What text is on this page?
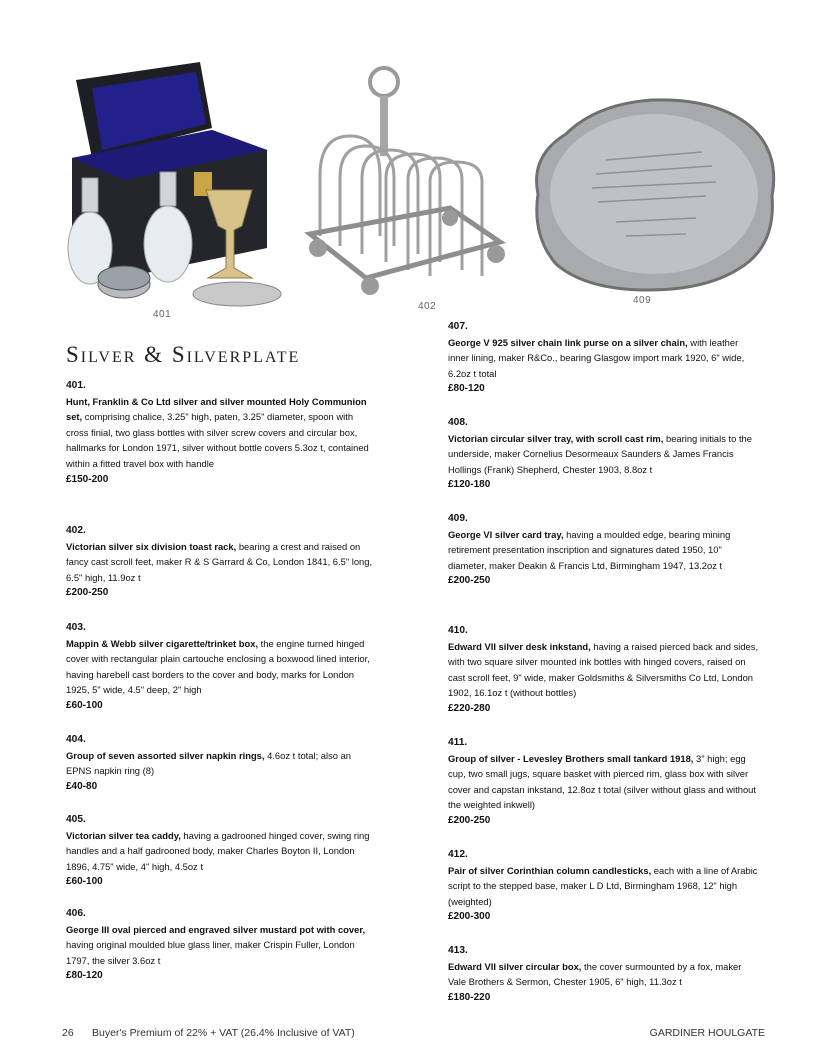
401
402
409
Silver & Silverplate
401.
Hunt, Franklin & Co Ltd silver and silver mounted Holy Communion set, comprising chalice, 3.25" high, paten, 3.25" diameter, spoon with cross finial, two glass bottles with silver screw covers and circular box, hallmarks for London 1971, silver without bottle covers 5.3oz t, contained within a fitted travel box with handle
£150-200
402.
Victorian silver six division toast rack, bearing a crest and raised on fancy cast scroll feet, maker R & S Garrard & Co, London 1841, 6.5" long, 6.5" high, 11.9oz t
£200-250
403.
Mappin & Webb silver cigarette/trinket box, the engine turned hinged cover with rectangular plain cartouche enclosing a boxwood lined interior, having harebell cast borders to the cover and body, marks for London 1925, 5" wide, 4.5" deep, 2" high
£60-100
404.
Group of seven assorted silver napkin rings, 4.6oz t total; also an EPNS napkin ring (8)
£40-80
405.
Victorian silver tea caddy, having a gadrooned hinged cover, swing ring handles and a half gadrooned body, maker Charles Boyton II, London 1896, 4.75" wide, 4" high, 4.5oz t
£60-100
406.
George III oval pierced and engraved silver mustard pot with cover, having original moulded blue glass liner, maker Crispin Fuller, London 1797, the silver 3.6oz t
£80-120
407.
George V 925 silver chain link purse on a silver chain, with leather inner lining, maker R&Co., bearing Glasgow import mark 1920, 6" wide, 6.2oz t total
£80-120
408.
Victorian circular silver tray, with scroll cast rim, bearing initials to the underside, maker Cornelius Desormeaux Saunders & James Francis Hollings (Frank) Shepherd, Chester 1903, 8.8oz t
£120-180
409.
George VI silver card tray, having a moulded edge, bearing mining retirement presentation inscription and signatures dated 1950, 10" diameter, maker Deakin & Francis Ltd, Birmingham 1947, 13.2oz t
£200-250
410.
Edward VII silver desk inkstand, having a raised pierced back and sides, with two square silver mounted ink bottles with hinged covers, raised on cast scroll feet, 9" wide, maker Goldsmiths & Silversmiths Co Ltd, London 1902, 16.1oz t (without bottles)
£220-280
411.
Group of silver - Levesley Brothers small tankard 1918, 3" high; egg cup, two small jugs, square basket with pierced rim, glass box with silver cover and capstan inkstand, 12.8oz t total (silver without glass and without the weighted inkwell)
£200-250
412.
Pair of silver Corinthian column candlesticks, each with a line of Arabic script to the stepped base, maker L D Ltd, Birmingham 1968, 12" high (weighted)
£200-300
413.
Edward VII silver circular box, the cover surmounted by a fox, maker Vale Brothers & Sermon, Chester 1905, 6" high, 11.3oz t
£180-220
26 Buyer's Premium of 22% + VAT (26.4% Inclusive of VAT)	GARDINER HOULGATE
